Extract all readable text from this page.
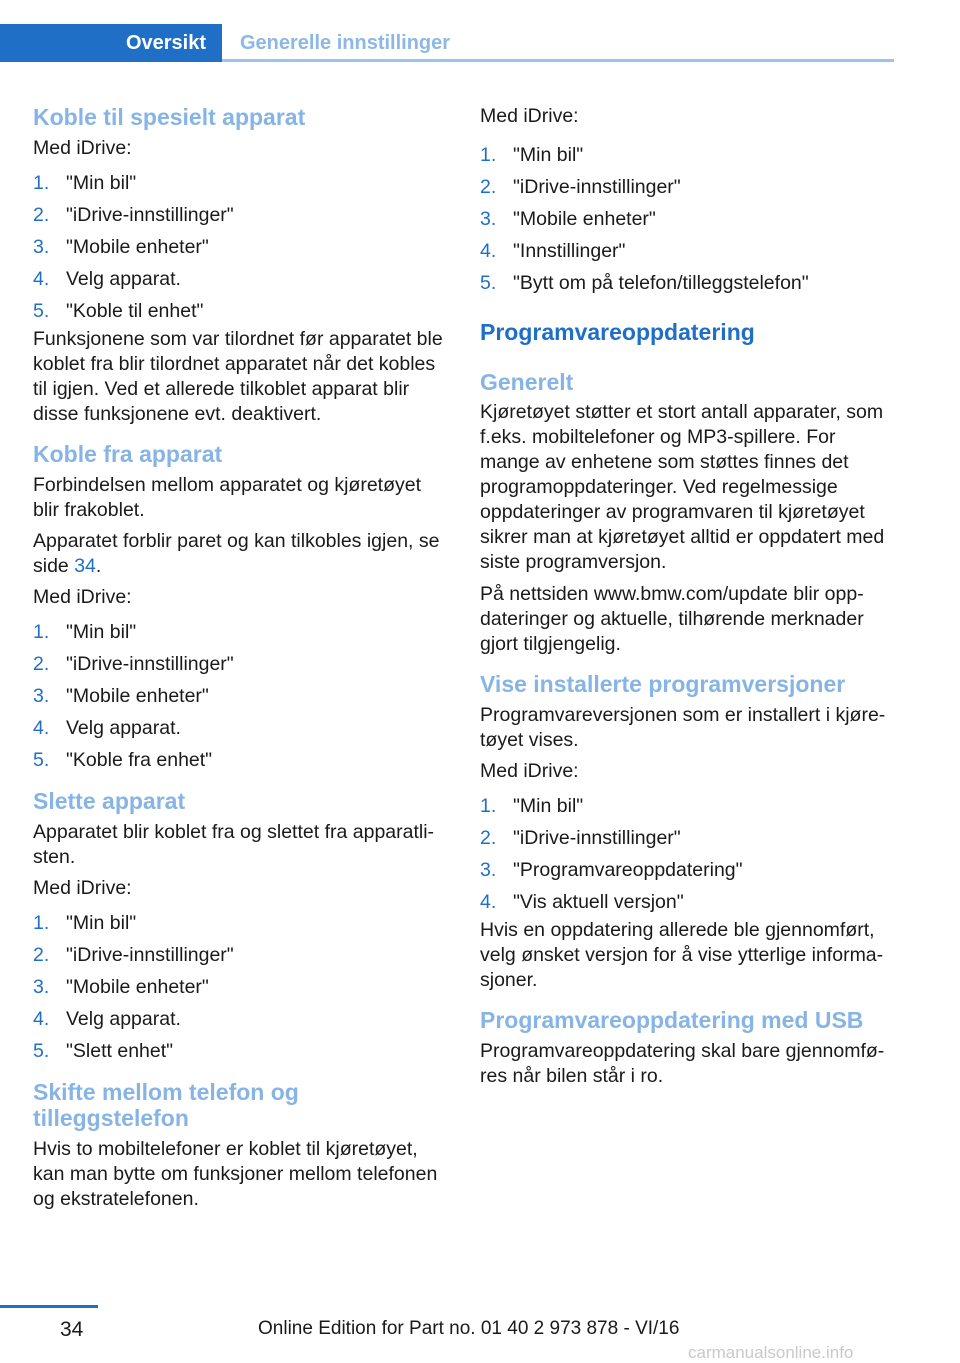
Oversikt	Generelle innstillinger
Koble til spesielt apparat

Med iDrive:

1. "Min bil"
2. "iDrive-innstillinger"
3. "Mobile enheter"
4. Velg apparat.
5. "Koble til enhet"

Funksjonene som var tilordnet før apparatet ble koblet fra blir tilordnet apparatet når det kobles til igjen. Ved et allerede tilkoblet apparat blir disse funksjonene evt. deaktivert.

Koble fra apparat

Forbindelsen mellom apparatet og kjøretøyet blir frakoblet.

Apparatet forblir paret og kan tilkobles igjen, se side 34.

Med iDrive:

1. "Min bil"
2. "iDrive-innstillinger"
3. "Mobile enheter"
4. Velg apparat.
5. "Koble fra enhet"
Slette apparat

Apparatet blir koblet fra og slettet fra apparatli‐ sten.

Med iDrive:

1. "Min bil"
2. "iDrive-innstillinger"
3. "Mobile enheter"
4. Velg apparat.
5. "Slett enhet"
Skifte mellom telefon og tilleggstelefon

Hvis to mobiltelefoner er koblet til kjøretøyet, kan man bytte om funksjoner mellom telefonen og ekstratelefonen.

Med iDrive:

1. "Min bil"
2. "iDrive-innstillinger"
3. "Mobile enheter"
4. "Innstillinger"
5. "Bytt om på telefon/tilleggstelefon"
Programvareoppdatering
Generelt

Kjøretøyet støtter et stort antall apparater, som f.eks. mobiltelefoner og MP3-spillere. For mange av enhetene som støttes finnes det programoppdateringer. Ved regelmessige oppdateringer av programvaren til kjøretøyet sikrer man at kjøretøyet alltid er oppdatert med siste programversjon.

På nettsiden www.bmw.com/update blir opp‐ dateringer og aktuelle, tilhørende merknader gjort tilgjengelig.

Vise installerte programversjoner

Programvareversjonen som er installert i kjøre‐ tøyet vises.

Med iDrive:

1. "Min bil"
2. "iDrive-innstillinger"
3. "Programvareoppdatering"
4. "Vis aktuell versjon"

Hvis en oppdatering allerede ble gjennomført, velg ønsket versjon for å vise ytterlige informa‐ sjoner.

Programvareoppdatering med USB

Programvareoppdatering skal bare gjennomfø‐ res når bilen står i ro.

34	Online Edition for Part no. 01 40 2 973 878 - VI/16
carmanualsonline.info
